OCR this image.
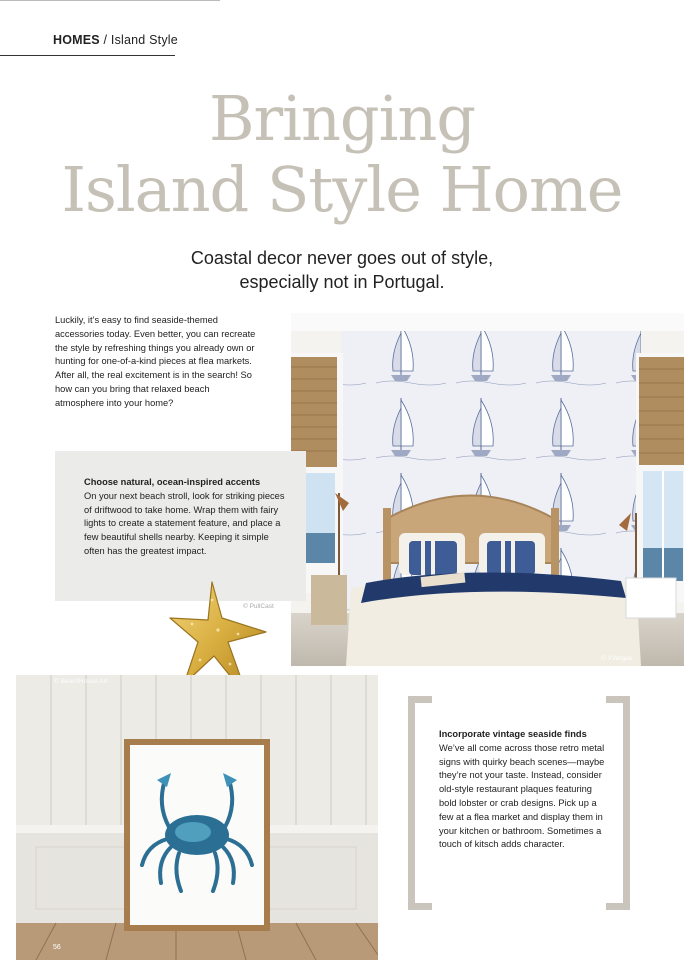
HOMES / Island Style
Bringing
Island Style Home
Coastal decor never goes out of style,
especially not in Portugal.

Luckily, it’s easy to find seaside-themed accessories today. Even better, you can recreate the style by refreshing things you already own or hunting for one-of-a-kind pieces at flea markets. After all, the real excitement is in the search! So how can you bring that relaxed beach atmosphere into your home?

© XVargas
Choose natural, ocean-inspired accents
On your next beach stroll, look for striking pieces of driftwood to take home. Wrap them with fairy lights to create a statement feature, and place a few beautiful shells nearby. Keeping it simple often has the greatest impact.
© PullCast
© BeachHouse Art
Incorporate vintage seaside finds
We’ve all come across those retro metal signs with quirky beach scenes—maybe they’re not your taste. Instead, consider old-style restaurant plaques featuring bold lobster or crab designs. Pick up a few at a flea market and display them in your kitchen or bathroom. Sometimes a touch of kitsch adds character.
56
